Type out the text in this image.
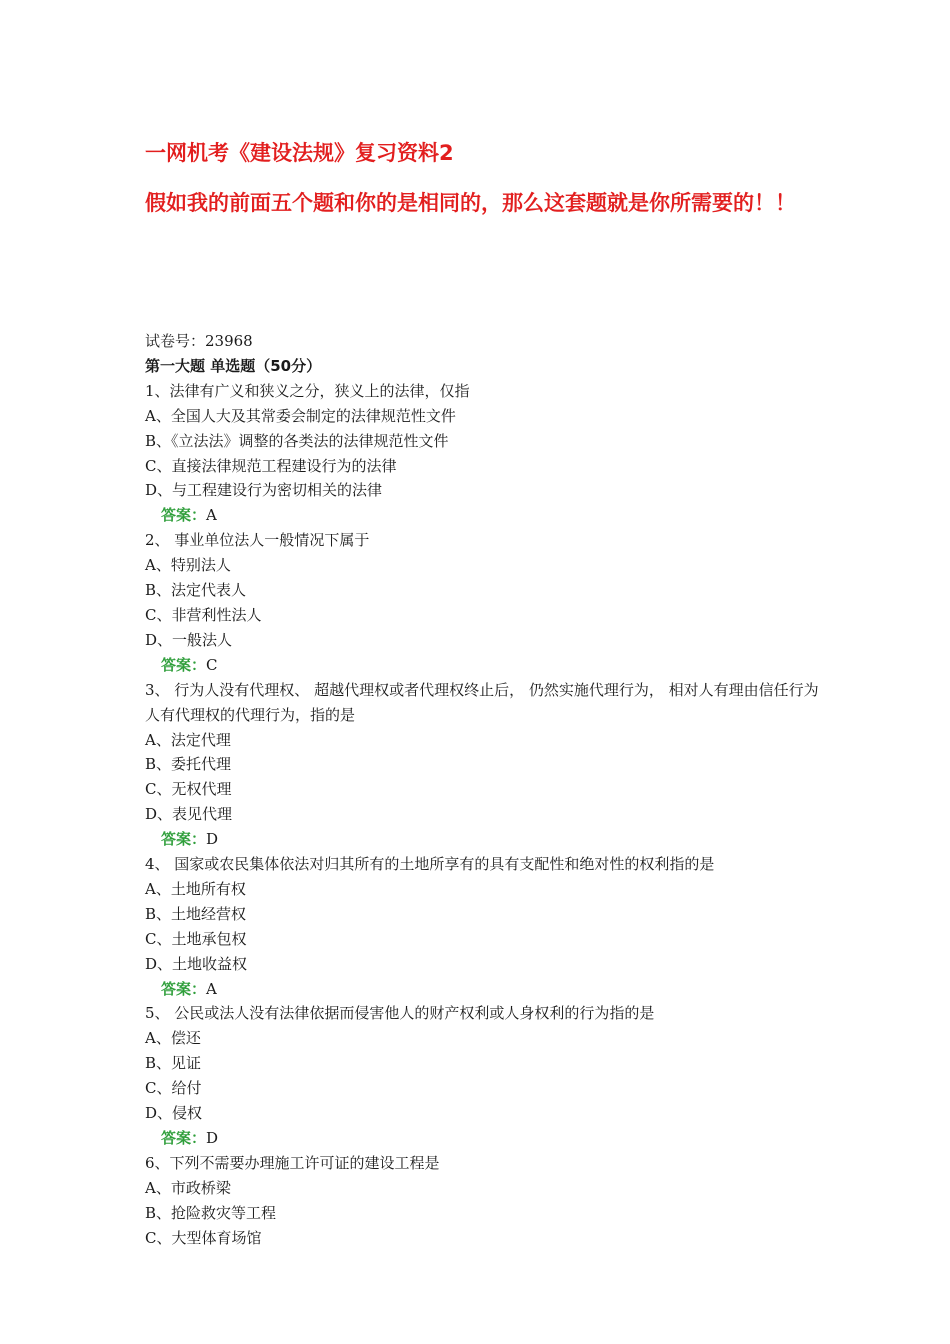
一网机考《建设法规》复习资料2
假如我的前面五个题和你的是相同的，那么这套题就是你所需要的！！
试卷号：23968
第一大题 单选题（50分）
1、法律有广义和狭义之分，狭义上的法律，仅指
A、全国人大及其常委会制定的法律规范性文件
B、《立法法》调整的各类法的法律规范性文件
C、直接法律规范工程建设行为的法律
D、与工程建设行为密切相关的法律
答案：A
2、 事业单位法人一般情况下属于
A、特别法人
B、法定代表人
C、非营利性法人
D、一般法人
答案：C
3、 行为人没有代理权、 超越代理权或者代理权终止后， 仍然实施代理行为， 相对人有理由信任行为人有代理权的代理行为，指的是
A、法定代理
B、委托代理
C、无权代理
D、表见代理
答案：D
4、 国家或农民集体依法对归其所有的土地所享有的具有支配性和绝对性的权利指的是
A、土地所有权
B、土地经营权
C、土地承包权
D、土地收益权
答案：A
5、 公民或法人没有法律依据而侵害他人的财产权利或人身权利的行为指的是
A、偿还
B、见证
C、给付
D、侵权
答案：D
6、下列不需要办理施工许可证的建设工程是
A、市政桥梁
B、抢险救灾等工程
C、大型体育场馆
